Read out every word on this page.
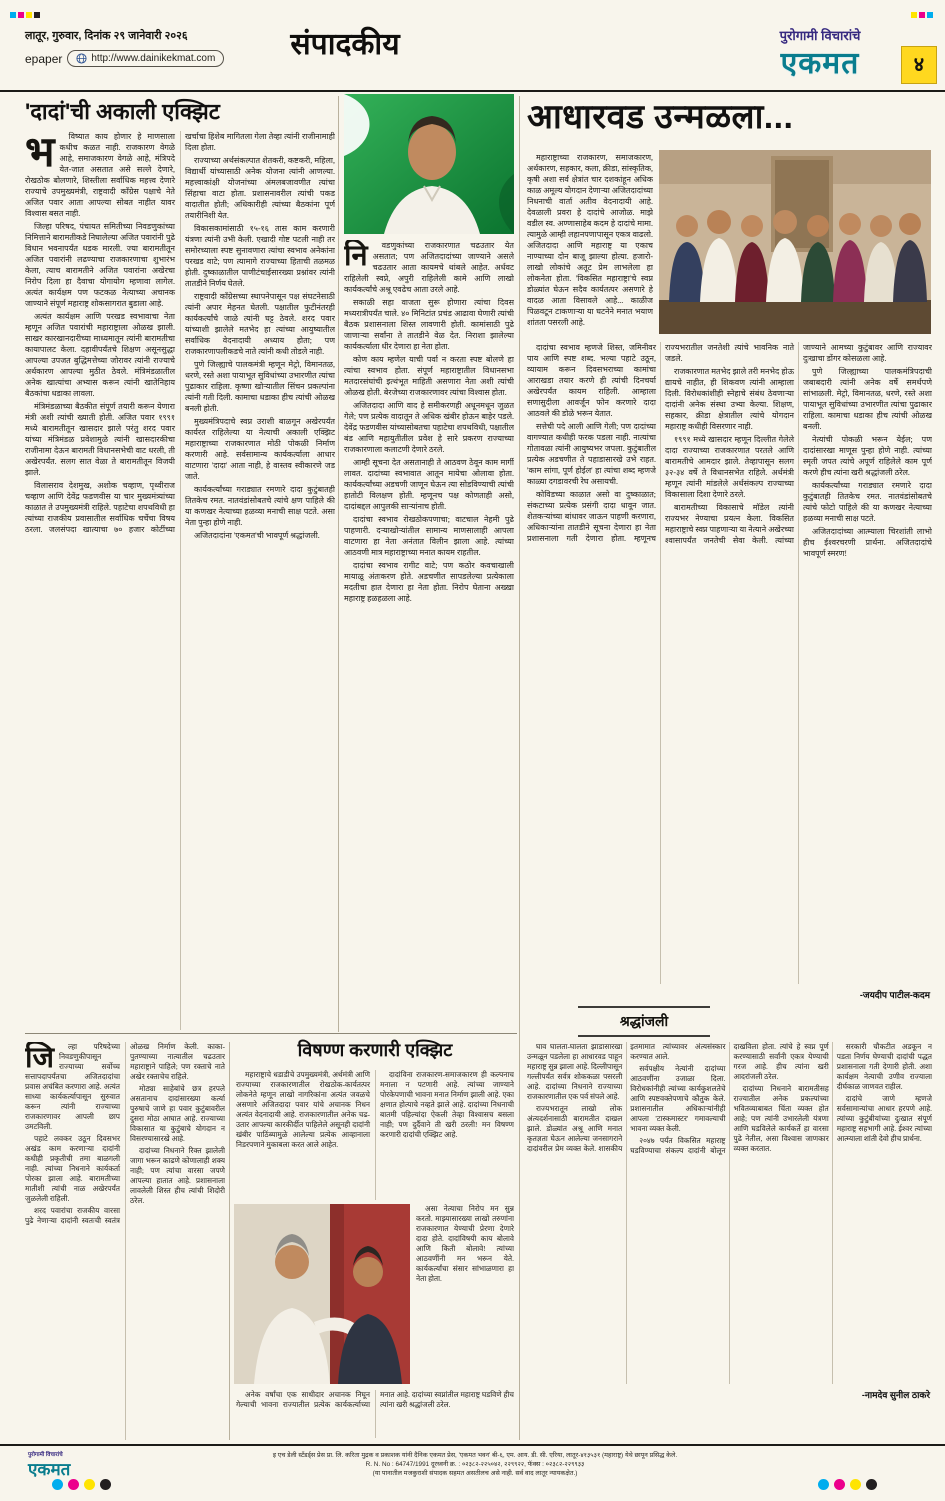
लातूर, गुरुवार, दिनांक २९ जानेवारी २०२६
epaper	http://www.dainikekmat.com	संपादकीय	पुरोगामी विचारांचे
एकमत	४
'दादां'ची अकाली एक्झिट
भ	विष्यात काय होणार हे माणसाला कधीच कळत नाही. राजकारण वेगळे आहे, समाजकारण वेगळे आहे, मंत्रिपदे येत-जात असतात असे सल्ले देणारे, रोखठोक बोलणारे, शिस्तीला सर्वाधिक महत्त्व देणारे राज्याचे उपमुख्यमंत्री, राष्ट्रवादी काँग्रेस पक्षाचे नेते अजित पवार आता आपल्या सोबत नाहीत यावर विश्वास बसत नाही.

जिल्हा परिषद, पंचायत समितीच्या निवडणुकांच्या निमित्ताने बारामतीकडे निघालेल्या अजित पवारांनी पुढे विधान भवनापर्यंत धडक मारली. ज्या बारामतीतून अजित पवारांनी लढण्याचा राजकारणाचा शुभारंभ केला, त्याच बारामतीने अजित पवारांना अखेरचा निरोप दिला हा दैवाचा योगायोग म्हणावा लागेल. अत्यंत कार्यक्षम पण फटकळ नेत्याच्या अचानक जाण्याने संपूर्ण महाराष्ट्र शोकसागरात बुडाला आहे.

अत्यंत कार्यक्षम आणि परखड स्वभावाचा नेता म्हणून अजित पवारांची महाराष्ट्राला ओळख झाली. साखर कारखानदारीच्या माध्यमातून त्यांनी बारामतीचा कायापालट केला. दहावीपर्यंतचे शिक्षण असूनसुद्धा आपल्या उपजत बुद्धिमत्तेच्या जोरावर त्यांनी राज्याचे अर्थकारण आपल्या मुठीत ठेवले. मंत्रिमंडळातील अनेक खात्यांचा अभ्यास करून त्यांनी खातेनिहाय बैठकांचा धडाका लावला.

मंत्रिमंडळाच्या बैठकीत संपूर्ण तयारी करून येणारा मंत्री अशी त्यांची ख्याती होती. अजित पवार १९९१ मध्ये बारामतीतून खासदार झाले परंतु शरद पवार यांच्या मंत्रिमंडळ प्रवेशामुळे त्यांनी खासदारकीचा राजीनामा देऊन बारामती विधानसभेची वाट धरली, ती अखेरपर्यंत. सलग सात वेळा ते बारामतीतून विजयी झाले.

विलासराव देशमुख, अशोक चव्हाण, पृथ्वीराज चव्हाण आणि देवेंद्र फडणवीस या चार मुख्यमंत्र्यांच्या काळात ते उपमुख्यमंत्री राहिले. पहाटेचा शपथविधी हा त्यांच्या राजकीय प्रवासातील सर्वाधिक चर्चेचा विषय ठरला. जलसंपदा खात्याचा ७० हजार कोटींच्या खर्चाचा हिशेब मागितला गेला तेव्हा त्यांनी राजीनामाही दिला होता.

राज्याच्या अर्थसंकल्पात शेतकरी, कष्टकरी, महिला, विद्यार्थी यांच्यासाठी अनेक योजना त्यांनी आणल्या. महत्त्वाकांक्षी योजनांच्या अंमलबजावणीत त्यांचा सिंहाचा वाटा होता. प्रशासनावरील त्यांची पकड वादातीत होती; अधिकारीही त्यांच्या बैठकांना पूर्ण तयारीनिशी येत.

विकासकामांसाठी १५-१६ तास काम करणारी यंत्रणा त्यांनी उभी केली. एखादी गोष्ट पटली नाही तर समोरच्याला स्पष्ट सुनावणारा त्यांचा स्वभाव अनेकांना परखड वाटे; पण त्यामागे राज्याच्या हिताची तळमळ होती. दुष्काळातील पाणीटंचाईसारख्या प्रश्नांवर त्यांनी तातडीने निर्णय घेतले.

राष्ट्रवादी काँग्रेसच्या स्थापनेपासून पक्ष संघटनेसाठी त्यांनी अपार मेहनत घेतली. पक्षातील फुटीनंतरही कार्यकर्त्यांचे जाळे त्यांनी घट्ट ठेवले. शरद पवार यांच्याशी झालेले मतभेद हा त्यांच्या आयुष्यातील सर्वाधिक वेदनादायी अध्याय होता; पण राजकारणापलीकडचे नाते त्यांनी कधी तोडले नाही.

पुणे जिल्ह्याचे पालकमंत्री म्हणून मेट्रो, विमानतळ, धरणे, रस्ते अशा पायाभूत सुविधांच्या उभारणीत त्यांचा पुढाकार राहिला. कृष्णा खोऱ्यातील सिंचन प्रकल्पांना त्यांनी गती दिली. कामाचा धडाका हीच त्यांची ओळख बनली होती.

मुख्यमंत्रिपदाचे स्वप्न उराशी बाळगून अखेरपर्यंत कार्यरत राहिलेल्या या नेत्याची अकाली एक्झिट महाराष्ट्राच्या राजकारणात मोठी पोकळी निर्माण करणारी आहे. सर्वसामान्य कार्यकर्त्याला आधार वाटणारा 'दादा' आता नाही, हे वास्तव स्वीकारणे जड जाते.

कार्यकर्त्यांच्या गराड्यात रमणारे दादा कुटुंबातही तितकेच रमत. नातवंडांसोबतचे त्यांचे क्षण पाहिले की या कणखर नेत्याच्या हळव्या मनाची साक्ष पटते. असा नेता पुन्हा होणे नाही.

अजितदादांना 'एकमत'ची भावपूर्ण श्रद्धांजली.

नि	वडणुकांच्या राजकारणात चढउतार येत असतात; पण अजितदादांच्या जाण्याने असले चढउतार आता कायमचे थांबले आहेत. अर्धवट राहिलेली स्वप्ने, अपुरी राहिलेली कामे आणि लाखो कार्यकर्त्यांचे अश्रू एवढेच आता उरले आहे.

सकाळी सहा वाजता सुरू होणारा त्यांचा दिवस मध्यरात्रीपर्यंत चाले. ४० मिनिटांत प्रचंड आढावा घेणारी त्यांची बैठक प्रशासनाला शिस्त लावणारी होती. कामांसाठी पुढे जाणाऱ्या सर्वांना ते तातडीने वेळ देत. निराशा झालेल्या कार्यकर्त्याला धीर देणारा हा नेता होता.

कोण काय म्हणेल याची पर्वा न करता स्पष्ट बोलणे हा त्यांचा स्वभाव होता. संपूर्ण महाराष्ट्रातील विधानसभा मतदारसंघांची इत्थंभूत माहिती असणारा नेता अशी त्यांची ओळख होती. बेरजेच्या राजकारणावर त्यांचा विश्वास होता.

अजितदादा आणि वाद हे समीकरणही अधूनमधून जुळत गेले; पण प्रत्येक वादातून ते अधिक खंबीर होऊन बाहेर पडले. देवेंद्र फडणवीस यांच्यासोबतचा पहाटेचा शपथविधी, पक्षातील बंड आणि महायुतीतील प्रवेश हे सारे प्रकरण राज्याच्या राजकारणाला कलाटणी देणारे ठरले.

आम्ही सूचना देत असतानाही ते आठवण ठेवून काम मार्गी लावत. दादांच्या स्वभावात आतून मायेचा ओलावा होता. कार्यकर्त्यांच्या अडचणी जाणून घेऊन त्या सोडविण्याची त्यांची हातोटी विलक्षण होती. म्हणूनच पक्ष कोणताही असो, दादांबद्दल आपुलकी साऱ्यांनाच होती.

दादांचा स्वभाव रोखठोकपणाचा; वाटचाल नेहमी पुढे पाहणारी. दऱ्याखोऱ्यांतील सामान्य माणसालाही आपला वाटणारा हा नेता अनंतात विलीन झाला आहे. त्यांच्या आठवणी मात्र महाराष्ट्राच्या मनात कायम राहतील.

दादांचा स्वभाव रागीट वाटे; पण कठोर कवचाखाली मायाळू अंतःकरण होते. अडचणीत सापडलेल्या प्रत्येकाला मदतीचा हात देणारा हा नेता होता. निरोप घेताना अख्खा महाराष्ट्र हळहळला आहे.

आधारवड उन्मळला...

महाराष्ट्राच्या राजकारण, समाजकारण, अर्थकारण, सहकार, कला, क्रीडा, सांस्कृतिक, कृषी अशा सर्व क्षेत्रांत चार दशकांहून अधिक काळ अमूल्य योगदान देणाऱ्या अजितदादांच्या निधनाची वार्ता अतीव वेदनादायी आहे. देवळाली प्रवरा हे दादांचे आजोळ. माझे वडील स्व. अण्णासाहेब कदम हे दादांचे मामा. त्यामुळे आम्ही लहानपणापासून एकत्र वाढलो. अजितदादा आणि महाराष्ट्र या एकाच नाण्याच्या दोन बाजू झाल्या होत्या. हजारो-लाखो लोकांचे अतूट प्रेम लाभलेला हा लोकनेता होता. 'विकसित महाराष्ट्रा'चे स्वप्न डोळ्यांत घेऊन सदैव कार्यतत्पर असणारे हे वादळ आता विसावले आहे... काळीज पिळवटून टाकणाऱ्या या घटनेने मनात भयाण शांतता पसरली आहे.

दादांचा स्वभाव म्हणजे शिस्त, जमिनीवर पाय आणि स्पष्ट शब्द. भल्या पहाटे उठून, व्यायाम करून दिवसभराच्या कामांचा आराखडा तयार करणे ही त्यांची दिनचर्या अखेरपर्यंत कायम राहिली. आम्हाला सणासुदीला आवर्जून फोन करणारे दादा आठवले की डोळे भरून येतात.

सत्तेची पदे आली आणि गेली; पण दादांच्या वागण्यात कधीही फरक पडला नाही. नात्यांचा गोतावळा त्यांनी आयुष्यभर जपला. कुटुंबातील प्रत्येक अडचणीत ते पहाडासारखे उभे राहत. 'काम सांगा, पूर्ण होईल' हा त्यांचा शब्द म्हणजे काळ्या दगडावरची रेघ असायची.

कोविडच्या काळात असो वा दुष्काळात; संकटाच्या प्रत्येक प्रसंगी दादा धावून जात. शेतकऱ्यांच्या बांधावर जाऊन पाहणी करणारा, अधिकाऱ्यांना तातडीने सूचना देणारा हा नेता प्रशासनाला गती देणारा होता. म्हणूनच राज्यभरातील जनतेशी त्यांचे भावनिक नाते जडले.

राजकारणात मतभेद झाले तरी मनभेद होऊ द्यायचे नाहीत, ही शिकवण त्यांनी आम्हाला दिली. विरोधकांशीही स्नेहाचे संबंध ठेवणाऱ्या दादांनी अनेक संस्था उभ्या केल्या. शिक्षण, सहकार, क्रीडा क्षेत्रातील त्यांचे योगदान महाराष्ट्र कधीही विसरणार नाही.

१९९१ मध्ये खासदार म्हणून दिल्लीत गेलेले दादा राज्याच्या राजकारणात परतले आणि बारामतीचे आमदार झाले. तेव्हापासून सलग ३२-३४ वर्षे ते विधानसभेत राहिले. अर्थमंत्री म्हणून त्यांनी मांडलेले अर्थसंकल्प राज्याच्या विकासाला दिशा देणारे ठरले.

बारामतीच्या विकासाचे मॉडेल त्यांनी राज्यभर नेण्याचा प्रयत्न केला. विकसित महाराष्ट्राचे स्वप्न पाहणाऱ्या या नेत्याने अखेरच्या श्वासापर्यंत जनतेची सेवा केली. त्यांच्या जाण्याने आमच्या कुटुंबावर आणि राज्यावर दुःखाचा डोंगर कोसळला आहे.

पुणे जिल्ह्याच्या पालकमंत्रिपदाची जबाबदारी त्यांनी अनेक वर्षे समर्थपणे सांभाळली. मेट्रो, विमानतळ, धरणे, रस्ते अशा पायाभूत सुविधांच्या उभारणीत त्यांचा पुढाकार राहिला. कामाचा धडाका हीच त्यांची ओळख बनली.

नेत्यांची पोकळी भरून येईल; पण दादांसारखा माणूस पुन्हा होणे नाही. त्यांच्या स्मृती जपत त्यांचे अपूर्ण राहिलेले काम पूर्ण करणे हीच त्यांना खरी श्रद्धांजली ठरेल.

कार्यकर्त्यांच्या गराड्यात रमणारे दादा कुटुंबातही तितकेच रमत. नातवंडांसोबतचे त्यांचे फोटो पाहिले की या कणखर नेत्याच्या हळव्या मनाची साक्ष पटते.

अजितदादांच्या आत्म्याला चिरशांती लाभो हीच ईश्वरचरणी प्रार्थना. अजितदादांचे भावपूर्ण स्मरण!

-जयदीप पाटील-कदम
श्रद्धांजली

घाव घालता-घालता झाडासारखा उन्मळून पडलेला हा आधारवड पाहून महाराष्ट्र सुन्न झाला आहे. दिल्लीपासून गल्लीपर्यंत सर्वत्र शोककळा पसरली आहे. दादांच्या निधनाने राज्याच्या राजकारणातील एक पर्व संपले आहे.

राज्यभरातून लाखो लोक अंत्यदर्शनासाठी बारामतीत दाखल झाले. डोळ्यांत अश्रू आणि मनात कृतज्ञता घेऊन आलेल्या जनसागराने दादांवरील प्रेम व्यक्त केले. शासकीय इतमामात त्यांच्यावर अंत्यसंस्कार करण्यात आले.

सर्वपक्षीय नेत्यांनी दादांच्या आठवणींना उजाळा दिला. विरोधकांनीही त्यांच्या कार्यकुशलतेचे आणि स्पष्टवक्तेपणाचे कौतुक केले. प्रशासनातील अधिकाऱ्यांनीही आपला 'टास्कमास्टर' गमावल्याची भावना व्यक्त केली.

२०४७ पर्यंत विकसित महाराष्ट्र घडविण्याचा संकल्प दादांनी बोलून दाखविला होता. त्यांचे हे स्वप्न पूर्ण करण्यासाठी सर्वांनी एकत्र येण्याची गरज आहे. हीच त्यांना खरी आदरांजली ठरेल.

दादांच्या निधनाने बारामतीसह राज्यातील अनेक प्रकल्पांच्या भवितव्याबाबत चिंता व्यक्त होत आहे; पण त्यांनी उभारलेली यंत्रणा आणि घडविलेले कार्यकर्ते हा वारसा पुढे नेतील, असा विश्वास जाणकार व्यक्त करतात.

सरकारी चौकटीत अडकून न पडता निर्णय घेण्याची दादांची पद्धत प्रशासनाला गती देणारी होती. अशा कार्यक्षम नेत्याची उणीव राज्याला दीर्घकाळ जाणवत राहील.

दादांचे जाणे म्हणजे सर्वसामान्यांचा आधार हरपणे आहे. त्यांच्या कुटुंबीयांच्या दुःखात संपूर्ण महाराष्ट्र सहभागी आहे. ईश्वर त्यांच्या आत्म्याला शांती देवो हीच प्रार्थना.

-नामदेव सुनील ठाकरे
जि	ल्हा परिषदेच्या निवडणुकीपासून राज्याच्या सर्वोच्च सत्तापदापर्यंतचा अजितदादांचा प्रवास अचंबित करणारा आहे. अत्यंत साध्या कार्यकर्त्यापासून सुरुवात करून त्यांनी राज्याच्या राजकारणावर आपली छाप उमटविली.

पहाटे लवकर उठून दिवसभर अखंड काम करणाऱ्या दादांनी कधीही प्रकृतीची तमा बाळगली नाही. त्यांच्या निधनाने कार्यकर्ता पोरका झाला आहे. बारामतीच्या मातीशी त्यांची नाळ अखेरपर्यंत जुळलेली राहिली.

शरद पवारांचा राजकीय वारसा पुढे नेणाऱ्या दादांनी स्वतःची स्वतंत्र ओळख निर्माण केली. काका-पुतण्याच्या नात्यातील चढउतार महाराष्ट्राने पाहिले; पण रक्ताचे नाते अखेर रक्ताचेच राहिले.

मोठ्या साहेबांचे छत्र हरपले असतानाच दादांसारख्या कर्त्या पुरुषाचे जाणे हा पवार कुटुंबावरील दुसरा मोठा आघात आहे. राज्याच्या विकासात या कुटुंबाचे योगदान न विसरण्यासारखे आहे.

दादांच्या निधनाने रिक्त झालेली जागा भरून काढणे कोणालाही शक्य नाही; पण त्यांचा वारसा जपणे आपल्या हातात आहे. प्रशासनाला लावलेली शिस्त हीच त्यांची शिदोरी ठरेल.

विषण्ण करणारी एक्झिट

महाराष्ट्राचे धडाडीचे उपमुख्यमंत्री, अर्थमंत्री आणि राज्याच्या राजकारणातील रोखठोक-कार्यतत्पर लोकनेते म्हणून लाखो नागरिकांना अत्यंत जवळचे असणारे अजितदादा पवार यांचे अचानक निधन अत्यंत वेदनादायी आहे. राजकारणातील अनेक चढ-उतार आपल्या कारकीर्दीत पाहिलेले असूनही दादांनी खंबीर पाठिंब्यामुळे आलेल्या प्रत्येक आव्हानाला निडरपणाने मुकाबला करत आले आहेत.

दादांविना राजकारण-समाजकारण ही कल्पनाच मनाला न पटणारी आहे. त्यांच्या जाण्याने पोरकेपणाची भावना मनात निर्माण झाली आहे. एका क्षणात होत्याचे नव्हते झाले आहे. दादांच्या निधनाची बातमी पहिल्यांदा ऐकली तेव्हा विश्वासच बसला नाही; पण दुर्दैवाने ती खरी ठरली! मन विषण्ण करणारी दादांची एक्झिट आहे.

असा नेत्याचा निरोप मन सुन्न करतो. माझ्यासारख्या लाखो तरुणांना राजकारणात येण्याची प्रेरणा देणारे दादा होते. दादांविषयी काय बोलावे आणि किती बोलावे! त्यांच्या आठवणींनी मन भरून येते. कार्यकर्त्यांचा संसार सांभाळणारा हा नेता होता.

अनेक वर्षांचा एक साथीदार अचानक निघून गेल्याची भावना राज्यातील प्रत्येक कार्यकर्त्याच्या मनात आहे. दादांच्या स्वप्नांतील महाराष्ट्र घडविणे हीच त्यांना खरी श्रद्धांजली ठरेल.

पुरोगामी विचारांचे
एकमत
इ एच डेली स्टॅंडर्ड्स प्रेस प्रा. लि. करिता मुद्रक व प्रकाशक यांनी दैनिक एकमत प्रेस, 'एकमत भवन' बी-६, एम. आय. डी. सी. एरिया, लातूर-४१३५३१ (महाराष्ट्र) येथे छापून प्रसिद्ध केले.
R. N. No : 64747/1991 दूरध्वनी क्र. : ०२३८२-२२५०४२, २२९९२२, फॅक्स : ०२३८२-२२९९३३
(या पानातील मजकुराशी संपादक सहमत असतीलच असे नाही. सर्व वाद लातूर न्यायकक्षेत.)
